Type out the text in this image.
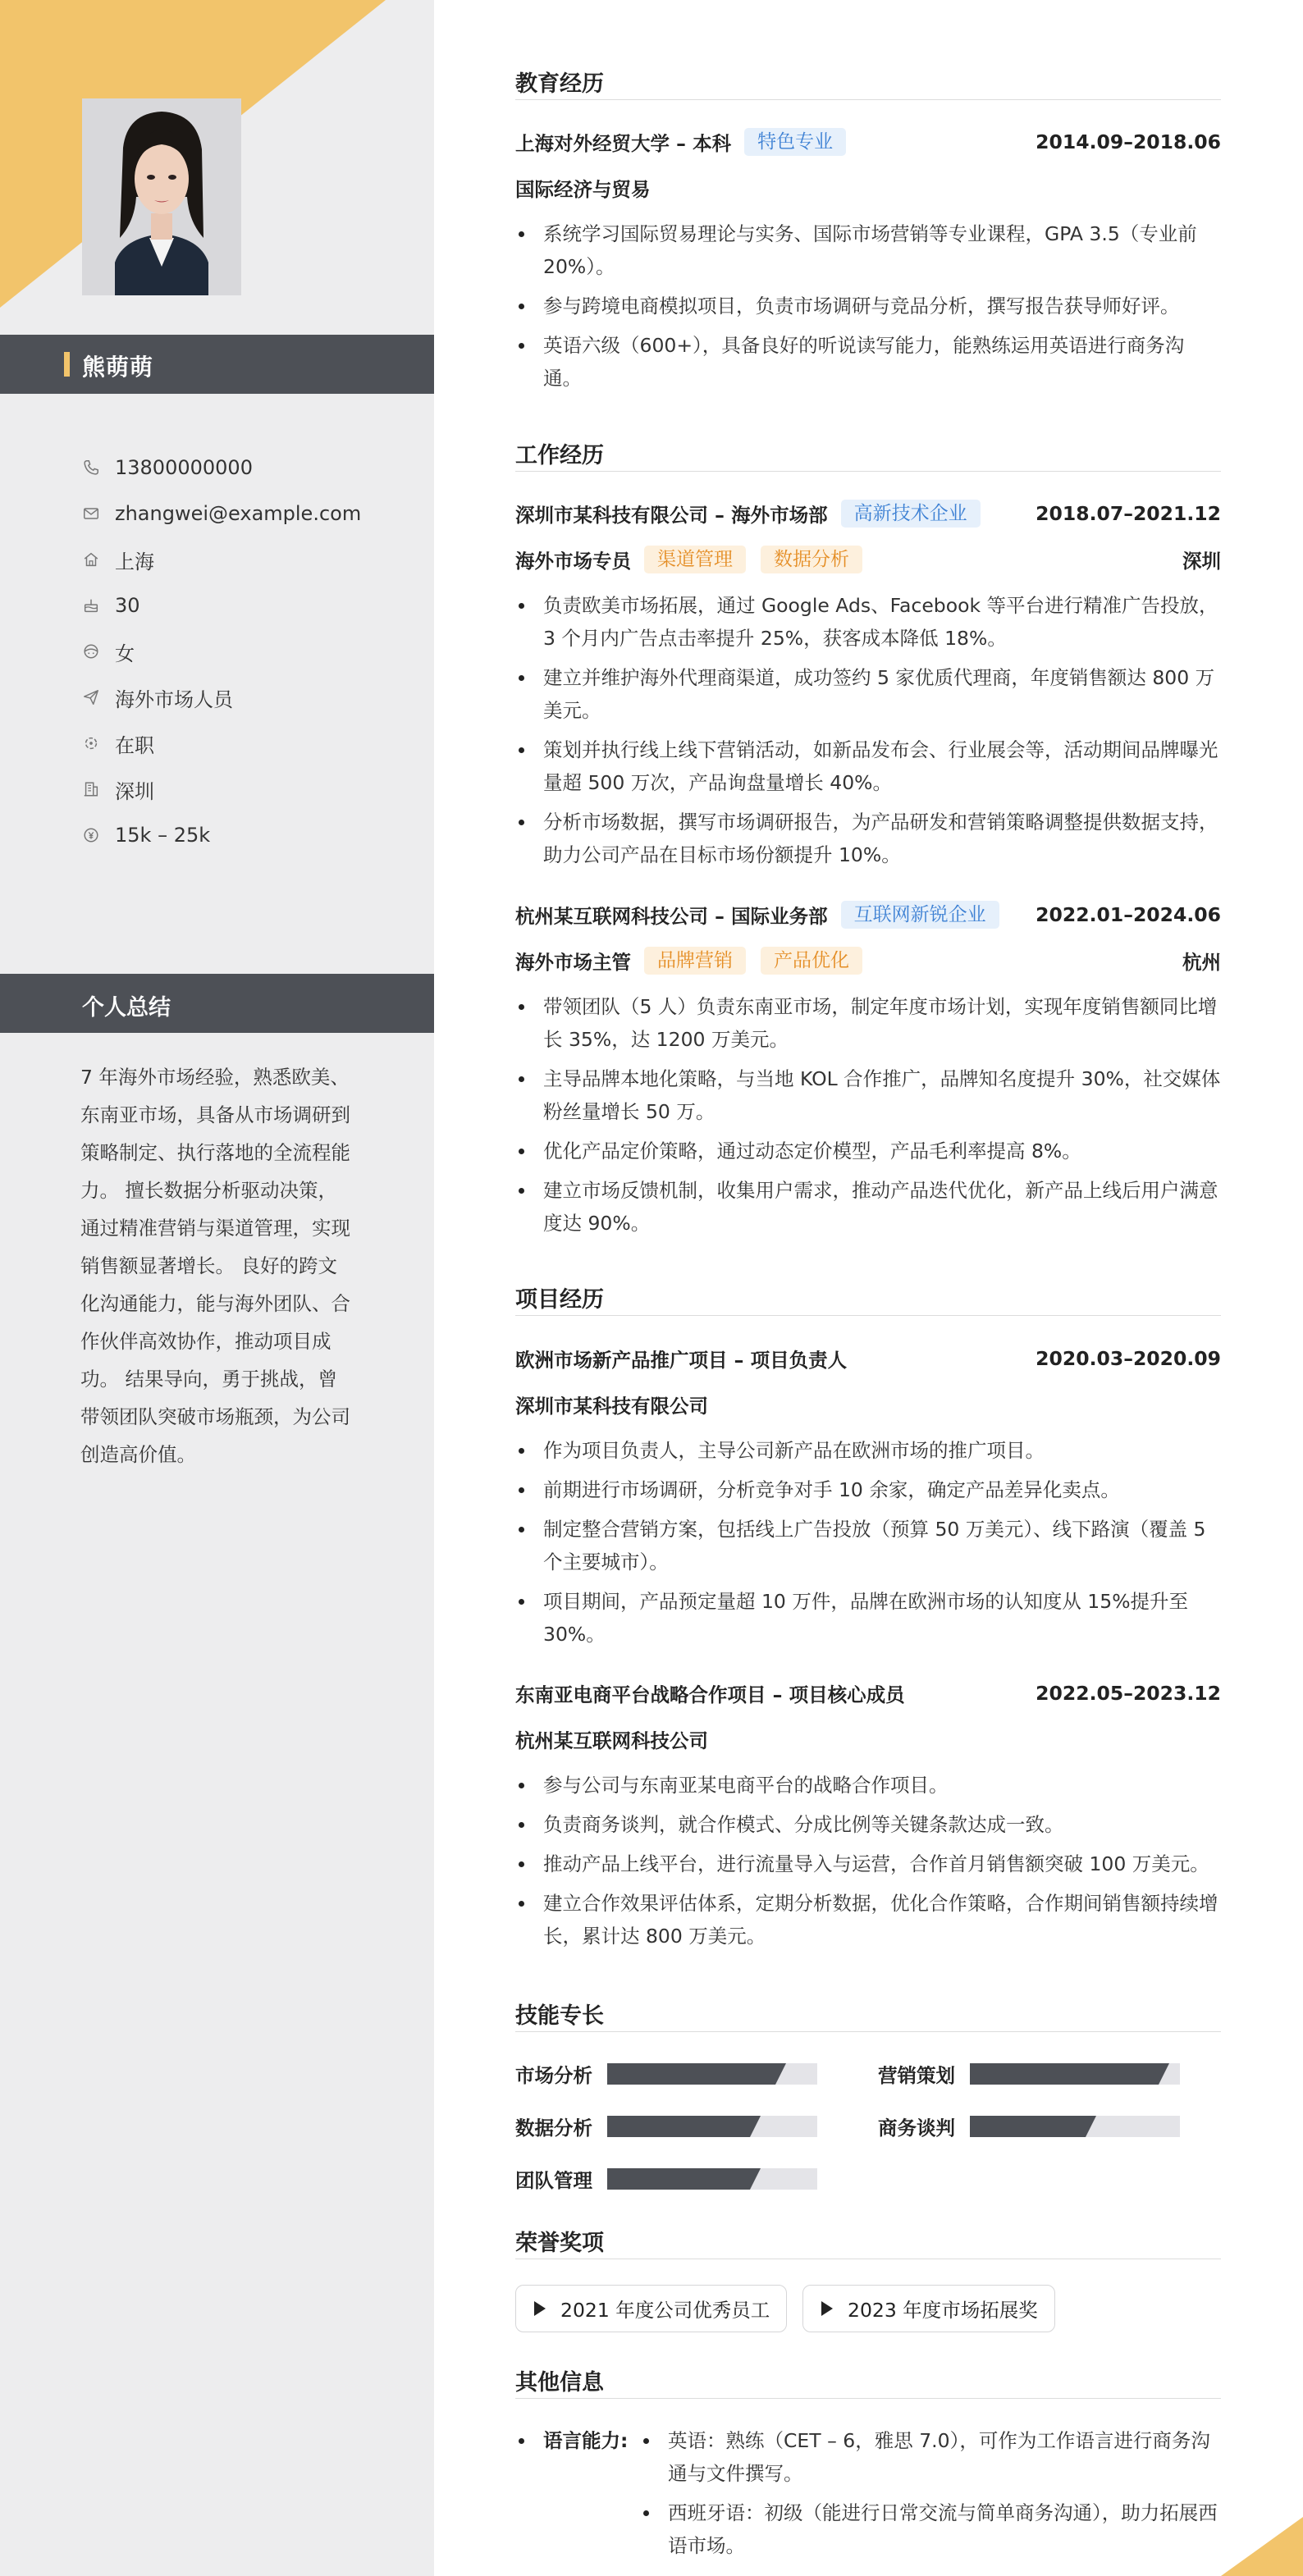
熊萌萌
13800000000
zhangwei@example.com
上海
30
女
海外市场人员
在职
深圳
15k – 25k
个人总结
7 年海外市场经验，熟悉欧美、东南亚市场，具备从市场调研到策略制定、执行落地的全流程能力。 擅长数据分析驱动决策，通过精准营销与渠道管理，实现销售额显著增长。 良好的跨文化沟通能力，能与海外团队、合作伙伴高效协作，推动项目成功。 结果导向，勇于挑战，曾带领团队突破市场瓶颈，为公司创造高价值。
教育经历
上海对外经贸大学 – 本科	特色专业	2014.09–2018.06
国际经济与贸易
系统学习国际贸易理论与实务、国际市场营销等专业课程，GPA 3.5（专业前 20%）。
参与跨境电商模拟项目，负责市场调研与竞品分析，撰写报告获导师好评。
英语六级（600+），具备良好的听说读写能力，能熟练运用英语进行商务沟通。
工作经历
深圳市某科技有限公司 – 海外市场部	高新技术企业	2018.07–2021.12
海外市场专员	渠道管理	数据分析	深圳
负责欧美市场拓展，通过 Google Ads、Facebook 等平台进行精准广告投放，3 个月内广告点击率提升 25%，获客成本降低 18%。
建立并维护海外代理商渠道，成功签约 5 家优质代理商，年度销售额达 800 万美元。
策划并执行线上线下营销活动，如新品发布会、行业展会等，活动期间品牌曝光量超 500 万次，产品询盘量增长 40%。
分析市场数据，撰写市场调研报告，为产品研发和营销策略调整提供数据支持，助力公司产品在目标市场份额提升 10%。
杭州某互联网科技公司 – 国际业务部	互联网新锐企业	2022.01–2024.06
海外市场主管	品牌营销	产品优化	杭州
带领团队（5 人）负责东南亚市场，制定年度市场计划，实现年度销售额同比增长 35%，达 1200 万美元。
主导品牌本地化策略，与当地 KOL 合作推广，品牌知名度提升 30%，社交媒体粉丝量增长 50 万。
优化产品定价策略，通过动态定价模型，产品毛利率提高 8%。
建立市场反馈机制，收集用户需求，推动产品迭代优化，新产品上线后用户满意度达 90%。
项目经历
欧洲市场新产品推广项目 – 项目负责人	2020.03–2020.09
深圳市某科技有限公司
作为项目负责人，主导公司新产品在欧洲市场的推广项目。
前期进行市场调研，分析竞争对手 10 余家，确定产品差异化卖点。
制定整合营销方案，包括线上广告投放（预算 50 万美元）、线下路演（覆盖 5 个主要城市）。
项目期间，产品预定量超 10 万件，品牌在欧洲市场的认知度从 15%提升至 30%。
东南亚电商平台战略合作项目 – 项目核心成员	2022.05–2023.12
杭州某互联网科技公司
参与公司与东南亚某电商平台的战略合作项目。
负责商务谈判，就合作模式、分成比例等关键条款达成一致。
推动产品上线平台，进行流量导入与运营，合作首月销售额突破 100 万美元。
建立合作效果评估体系，定期分析数据，优化合作策略，合作期间销售额持续增长，累计达 800 万美元。
技能专长
市场分析	营销策划
数据分析	商务谈判
团队管理
荣誉奖项
2021 年度公司优秀员工	2023 年度市场拓展奖
其他信息
语言能力:	英语：熟练（CET – 6，雅思 7.0），可作为工作语言进行商务沟通与文件撰写。
西班牙语：初级（能进行日常交流与简单商务沟通），助力拓展西语市场。
